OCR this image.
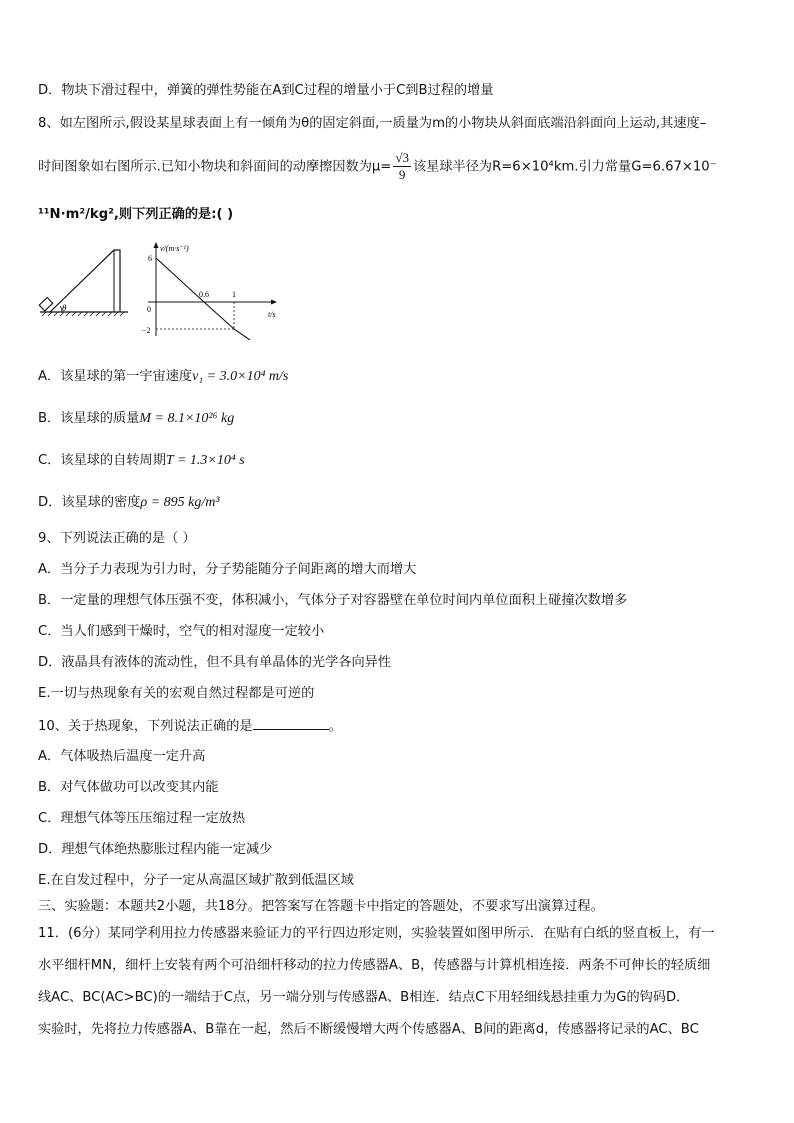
D．物块下滑过程中，弹簧的弹性势能在A到C过程的增量小于C到B过程的增量
8、如左图所示,假设某星球表面上有一倾角为θ的固定斜面,一质量为m的小物块从斜面底端沿斜面向上运动,其速度–
时间图象如右图所示.已知小物块和斜面间的动摩擦因数为$\mu= \frac{√3}{9}$ 该星球半径为R=6×10⁴km.引力常量G=6.67×10⁻
¹¹N·m²/kg²,则下列正确的是:( )
θ
v/(m·s⁻¹)
t/s
0
6
−2
0.6	1
A．该星球的第一宇宙速度v₁ = 3.0×10⁴ m/s
B．该星球的质量M = 8.1×10²⁶ kg
C．该星球的自转周期T = 1.3×10⁴ s
D．该星球的密度ρ = 895 kg/m³
9、下列说法正确的是（ ）
A．当分子力表现为引力时，分子势能随分子间距离的增大而增大
B．一定量的理想气体压强不变，体积减小，气体分子对容器壁在单位时间内单位面积上碰撞次数增多
C．当人们感到干燥时，空气的相对湿度一定较小
D．液晶具有液体的流动性，但不具有单晶体的光学各向异性
E.一切与热现象有关的宏观自然过程都是可逆的
10、关于热现象，下列说法正确的是	。
A．气体吸热后温度一定升高
B．对气体做功可以改变其内能
C．理想气体等压压缩过程一定放热
D．理想气体绝热膨胀过程内能一定减少
E.在自发过程中，分子一定从高温区域扩散到低温区域
三、实验题：本题共2小题，共18分。把答案写在答题卡中指定的答题处，不要求写出演算过程。
11．(6分）某同学利用拉力传感器来验证力的平行四边形定则，实验装置如图甲所示．在贴有白纸的竖直板上，有一
水平细杆MN，细杆上安装有两个可沿细杆移动的拉力传感器A、B，传感器与计算机相连接．两条不可伸长的轻质细
线AC、BC(AC>BC)的一端结于C点，另一端分别与传感器A、B相连．结点C下用轻细线悬挂重力为G的钩码D．
实验时，先将拉力传感器A、B靠在一起，然后不断缓慢增大两个传感器A、B间的距离d，传感器将记录的AC、BC
